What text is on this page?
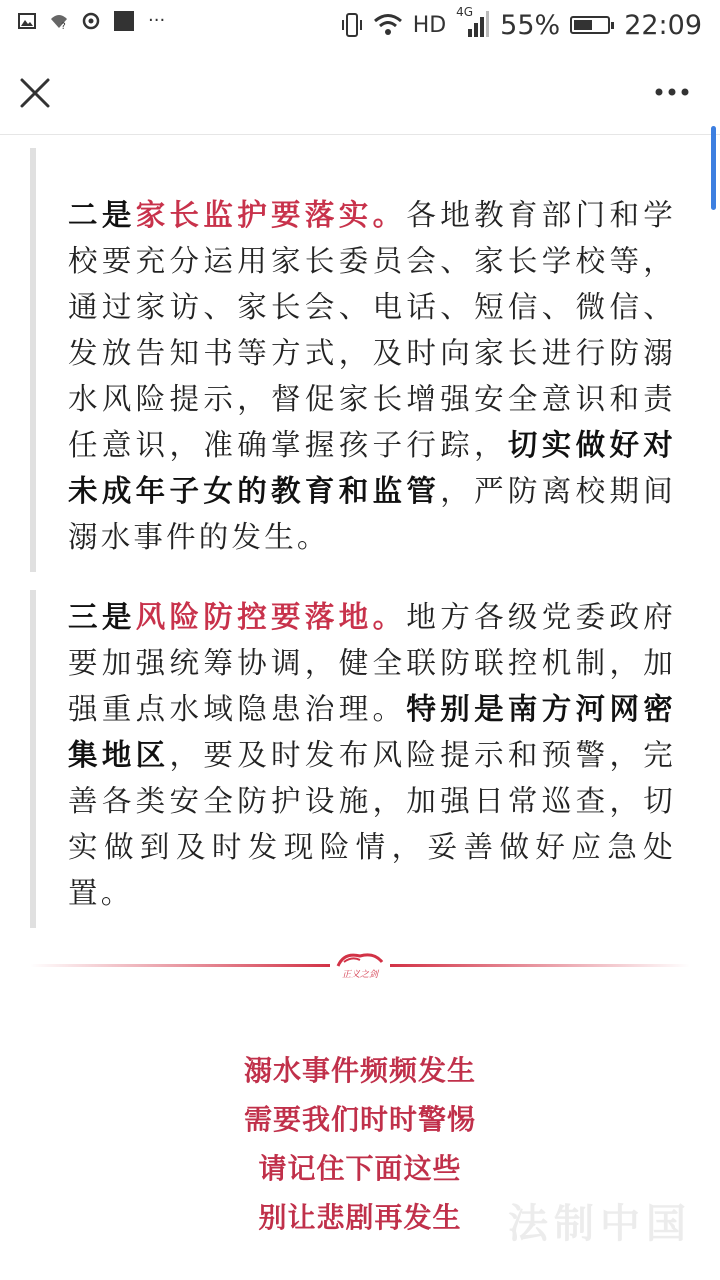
?	···	HD
4G 55% 22:09

二是家长监护要落实。各地教育部门和学校要充分运用家长委员会、家长学校等，通过家访、家长会、电话、短信、微信、发放告知书等方式，及时向家长进行防溺水风险提示，督促家长增强安全意识和责任意识，准确掌握孩子行踪，切实做好对未成年子女的教育和监管，严防离校期间溺水事件的发生。

三是风险防控要落地。地方各级党委政府要加强统筹协调，健全联防联控机制，加强重点水域隐患治理。特别是南方河网密集地区，要及时发布风险提示和预警，完善各类安全防护设施，加强日常巡查，切实做到及时发现险情，妥善做好应急处置。

正义之剑
溺水事件频频发生
需要我们时时警惕
请记住下面这些
别让悲剧再发生	法制中国
